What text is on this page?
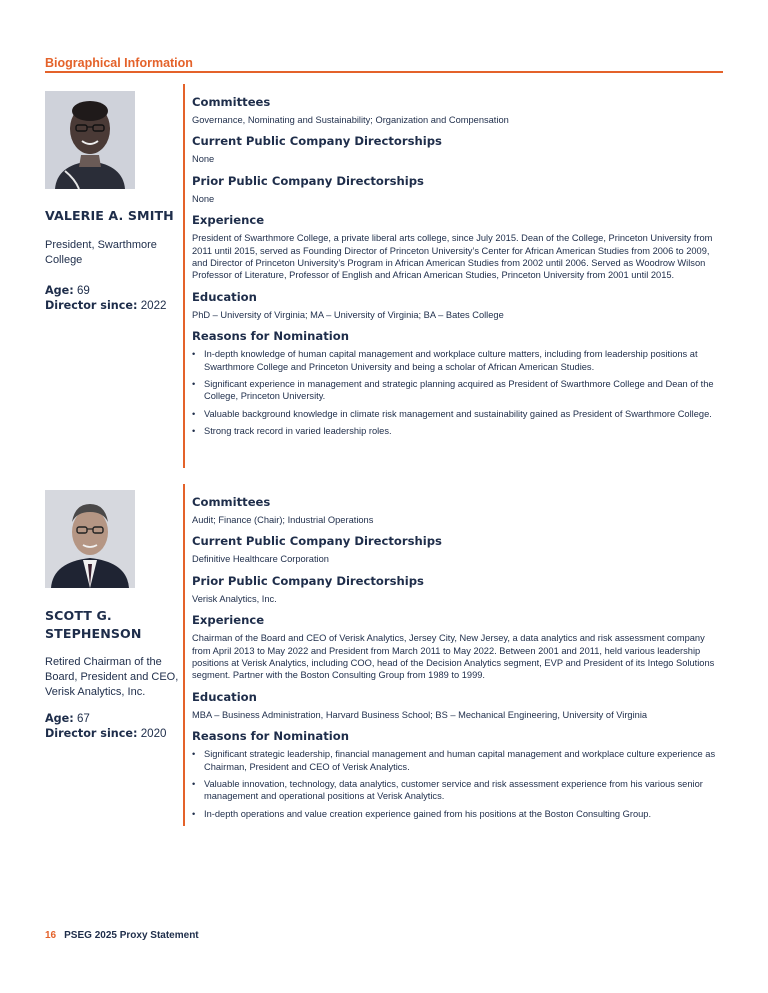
Biographical Information
VALERIE A. SMITH
President, Swarthmore College
Age: 69
Director since: 2022
Committees
Governance, Nominating and Sustainability; Organization and Compensation
Current Public Company Directorships
None
Prior Public Company Directorships
None
Experience
President of Swarthmore College, a private liberal arts college, since July 2015. Dean of the College, Princeton University from 2011 until 2015, served as Founding Director of Princeton University’s Center for African American Studies from 2006 to 2009, and Director of Princeton University’s Program in African American Studies from 2002 until 2006. Served as Woodrow Wilson Professor of Literature, Professor of English and African American Studies, Princeton University from 2001 until 2015.
Education
PhD – University of Virginia; MA – University of Virginia; BA – Bates College
Reasons for Nomination
• In-depth knowledge of human capital management and workplace culture matters, including from leadership positions at Swarthmore College and Princeton University and being a scholar of African American Studies.
• Significant experience in management and strategic planning acquired as President of Swarthmore College and Dean of the College, Princeton University.
• Valuable background knowledge in climate risk management and sustainability gained as President of Swarthmore College.
• Strong track record in varied leadership roles.
SCOTT G. STEPHENSON
Retired Chairman of the Board, President and CEO, Verisk Analytics, Inc.
Age: 67
Director since: 2020
Committees
Audit; Finance (Chair); Industrial Operations
Current Public Company Directorships
Definitive Healthcare Corporation
Prior Public Company Directorships
Verisk Analytics, Inc.
Experience
Chairman of the Board and CEO of Verisk Analytics, Jersey City, New Jersey, a data analytics and risk assessment company from April 2013 to May 2022 and President from March 2011 to May 2022. Between 2001 and 2011, held various leadership positions at Verisk Analytics, including COO, head of the Decision Analytics segment, EVP and President of its Intego Solutions segment. Partner with the Boston Consulting Group from 1989 to 1999.
Education
MBA – Business Administration, Harvard Business School; BS – Mechanical Engineering, University of Virginia
Reasons for Nomination
• Significant strategic leadership, financial management and human capital management and workplace culture experience as Chairman, President and CEO of Verisk Analytics.
• Valuable innovation, technology, data analytics, customer service and risk assessment experience from his various senior management and operational positions at Verisk Analytics.
• In-depth operations and value creation experience gained from his positions at the Boston Consulting Group.
16 PSEG 2025 Proxy Statement
